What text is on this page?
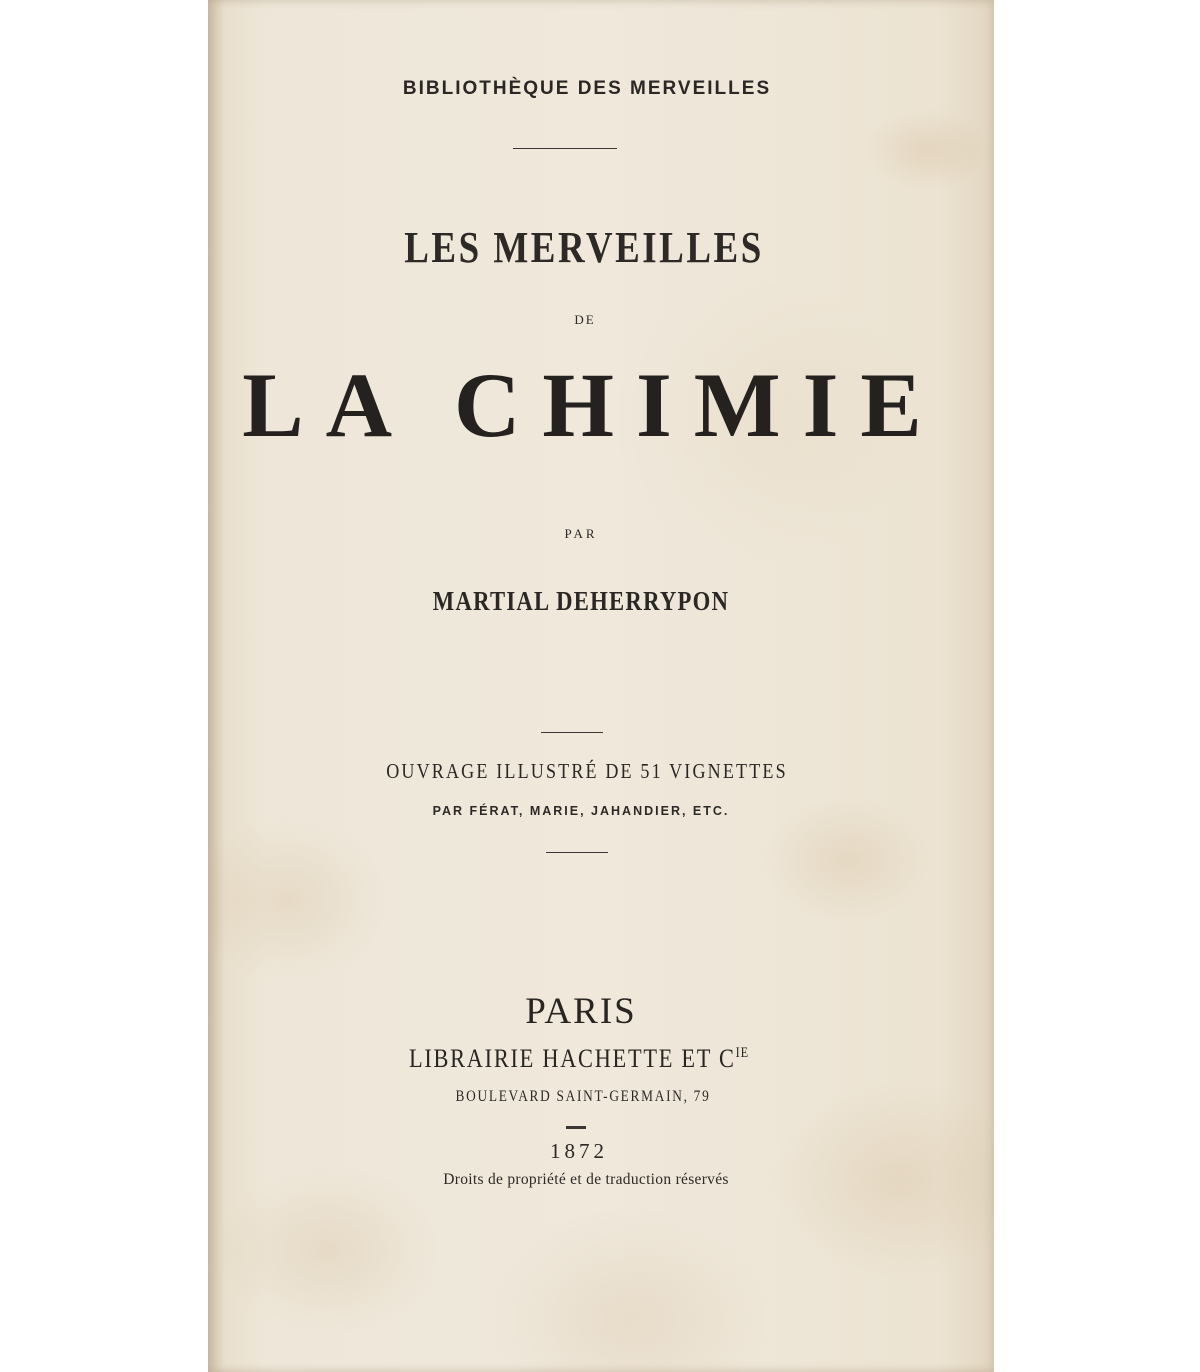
BIBLIOTHÈQUE DES MERVEILLES
LES MERVEILLES
DE
LA CHIMIE
PAR
MARTIAL DEHERRYPON
OUVRAGE ILLUSTRÉ DE 51 VIGNETTES
PAR FÉRAT, MARIE, JAHANDIER, ETC.
PARIS
LIBRAIRIE HACHETTE ET $C^{IE}$
BOULEVARD SAINT-GERMAIN, 79
1872
Droits de propriété et de traduction réservés
